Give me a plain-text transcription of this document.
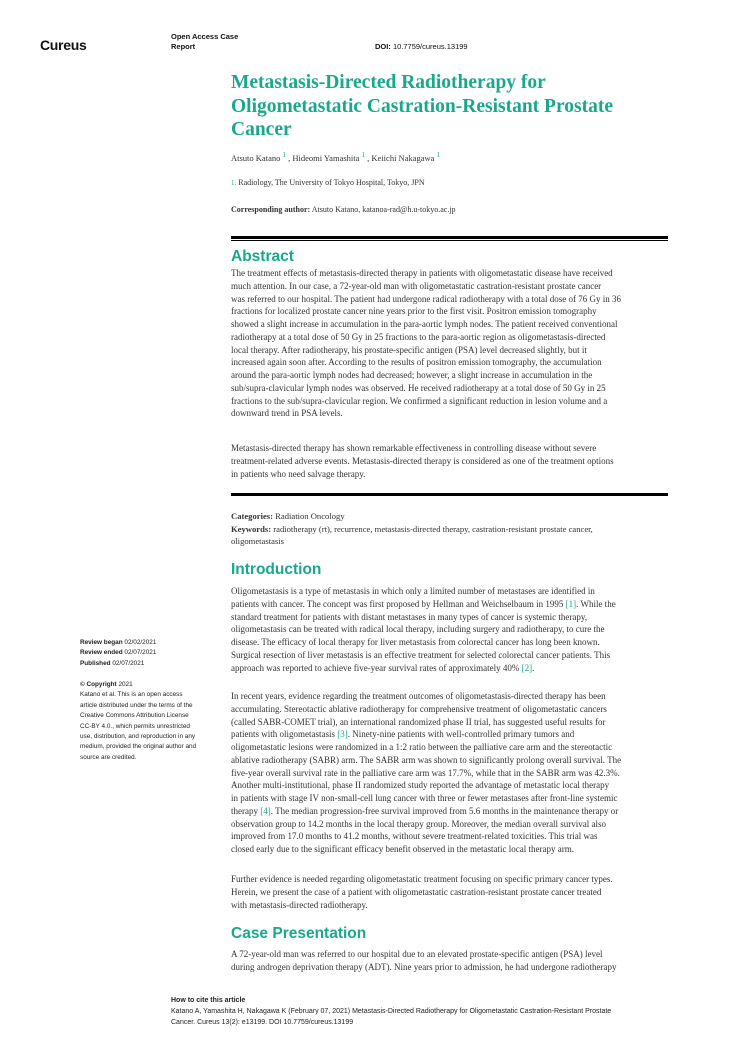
Cureus
Open Access Case
Report	DOI: 10.7759/cureus.13199
Metastasis-Directed Radiotherapy for
Oligometastatic Castration-Resistant Prostate
Cancer
Atsuto Katano $^1$ , Hideomi Yamashita $^1$ , Keiichi Nakagawa $^1$
1. Radiology, The University of Tokyo Hospital, Tokyo, JPN
Corresponding author: Atsuto Katano, katanoa-rad@h.u-tokyo.ac.jp
Abstract
The treatment effects of metastasis-directed therapy in patients with oligometastatic disease have received
much attention. In our case, a 72-year-old man with oligometastatic castration-resistant prostate cancer
was referred to our hospital. The patient had undergone radical radiotherapy with a total dose of 76 Gy in 36
fractions for localized prostate cancer nine years prior to the first visit. Positron emission tomography
showed a slight increase in accumulation in the para-aortic lymph nodes. The patient received conventional
radiotherapy at a total dose of 50 Gy in 25 fractions to the para-aortic region as oligometastasis-directed
local therapy. After radiotherapy, his prostate-specific antigen (PSA) level decreased slightly, but it
increased again soon after. According to the results of positron emission tomography, the accumulation
around the para-aortic lymph nodes had decreased; however, a slight increase in accumulation in the
sub/supra-clavicular lymph nodes was observed. He received radiotherapy at a total dose of 50 Gy in 25
fractions to the sub/supra-clavicular region. We confirmed a significant reduction in lesion volume and a
downward trend in PSA levels.
Metastasis-directed therapy has shown remarkable effectiveness in controlling disease without severe
treatment-related adverse events. Metastasis-directed therapy is considered as one of the treatment options
in patients who need salvage therapy.
Categories: Radiation Oncology
Keywords: radiotherapy (rt), recurrence, metastasis-directed therapy, castration-resistant prostate cancer,
oligometastasis
Introduction
Oligometastasis is a type of metastasis in which only a limited number of metastases are identified in
patients with cancer. The concept was first proposed by Hellman and Weichselbaum in 1995 [1]. While the
standard treatment for patients with distant metastases in many types of cancer is systemic therapy,
oligometastasis can be treated with radical local therapy, including surgery and radiotherapy, to cure the
disease. The efficacy of local therapy for liver metastasis from colorectal cancer has long been known.
Surgical resection of liver metastasis is an effective treatment for selected colorectal cancer patients. This
approach was reported to achieve five-year survival rates of approximately 40% [2].
In recent years, evidence regarding the treatment outcomes of oligometastasis-directed therapy has been
accumulating. Stereotactic ablative radiotherapy for comprehensive treatment of oligometastatic cancers
(called SABR-COMET trial), an international randomized phase II trial, has suggested useful results for
patients with oligometastasis [3]. Ninety-nine patients with well-controlled primary tumors and
oligometastatic lesions were randomized in a 1:2 ratio between the palliative care arm and the stereotactic
ablative radiotherapy (SABR) arm. The SABR arm was shown to significantly prolong overall survival. The
five-year overall survival rate in the palliative care arm was 17.7%, while that in the SABR arm was 42.3%.
Another multi-institutional, phase II randomized study reported the advantage of metastatic local therapy
in patients with stage IV non-small-cell lung cancer with three or fewer metastases after front-line systemic
therapy [4]. The median progression-free survival improved from 5.6 months in the maintenance therapy or
observation group to 14.2 months in the local therapy group. Moreover, the median overall survival also
improved from 17.0 months to 41.2 months, without severe treatment-related toxicities. This trial was
closed early due to the significant efficacy benefit observed in the metastatic local therapy arm.
Further evidence is needed regarding oligometastatic treatment focusing on specific primary cancer types.
Herein, we present the case of a patient with oligometastatic castration-resistant prostate cancer treated
with metastasis-directed radiotherapy.
Case Presentation
A 72-year-old man was referred to our hospital due to an elevated prostate-specific antigen (PSA) level
during androgen deprivation therapy (ADT). Nine years prior to admission, he had undergone radiotherapy
Review began 02/02/2021
Review ended 02/07/2021
Published 02/07/2021
© Copyright 2021
Katano et al. This is an open access
article distributed under the terms of the
Creative Commons Attribution License
CC-BY 4.0., which permits unrestricted
use, distribution, and reproduction in any
medium, provided the original author and
source are credited.
How to cite this article
Katano A, Yamashita H, Nakagawa K (February 07, 2021) Metastasis-Directed Radiotherapy for Oligometastatic Castration-Resistant Prostate
Cancer. Cureus 13(2): e13199. DOI 10.7759/cureus.13199
